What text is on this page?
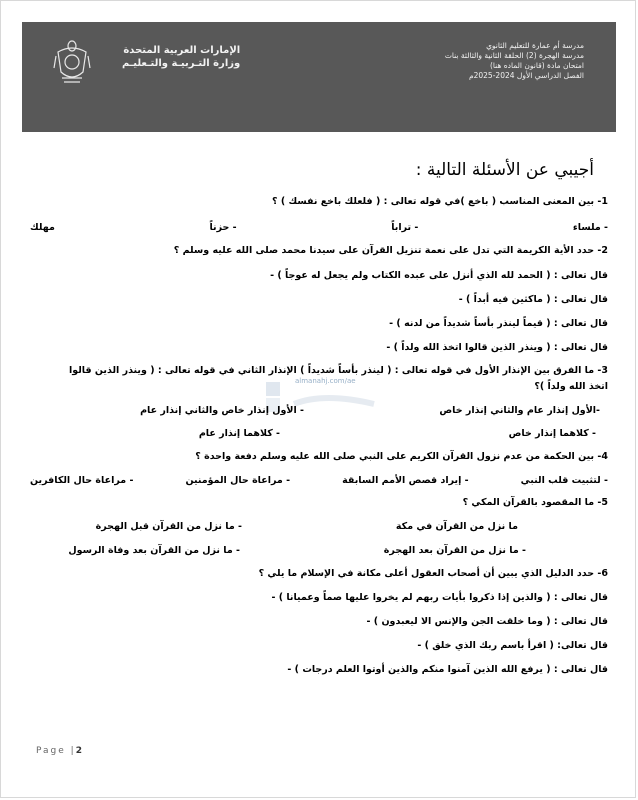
مدرسة أم عمارة للتعليم الثانوي
مدرسة الهجرة (2) الحلقة الثانية والثالثة بنات
امتحان مادة (قانون الماده هنا)
الفصل الدراسي الأول 2024-2025م
الإمارات العربية المتحدة
وزارة التـربيـة والتـعليـم
أجيبي عن الأسئلة التالية :
1- بين المعنى المناسب ( باخع )في قوله تعالى : ( فلعلك باخع نفسك ) ؟
مهلك	- حزناً	- تراباً	- ملساء
2- حدد الأية الكريمة التي تدل على نعمة تنزيل القرآن على سيدنا محمد صلى الله عليه وسلم ؟
قال تعالى : ( الحمد لله الذي أنزل على عبده الكتاب ولم يجعل له عوجاً ) -
قال تعالى : ( ماكثين فيه أبداً ) -
قال تعالى : ( قيماً لينذر بأساً شديداً من لدنه ) -
قال تعالى : ( وينذر الذين قالوا اتخذ الله ولداً ) -
almanahj.com/ae
3- ما الفرق بين الإنذار الأول في قوله تعالى : ( لينذر بأساً شديداً ) الإنذار الثاني في قوله تعالى : ( وينذر الذين قالوا
اتخذ الله ولداً )؟
-الأول إنذار عام والثاني إنذار خاص
- الأول إنذار خاص والثاني إنذار عام
- كلاهما إنذار خاص
- كلاهما إنذار عام
4- بين الحكمة من عدم نزول القرآن الكريم على النبي صلى الله عليه وسلم دفعة واحدة ؟
- مراعاة حال الكافرين	- مراعاة حال المؤمنين	- إيراد قصص الأمم السابقة	- لتثبيت قلب النبي
5- ما المقصود بالقرآن المكي ؟
ما نزل من القرآن في مكة
- ما نزل من القرآن قبل الهجرة
- ما نزل من القرآن بعد الهجرة
- ما نزل من القرآن بعد وفاة الرسول
6- حدد الدليل الذي يبين أن أصحاب العقول أعلى مكانة في الإسلام ما يلي ؟
قال تعالى : ( والذين إذا ذكروا بأيات ربهم لم يخروا عليها صماً وعميانا ) -
قال تعالى : ( وما خلقت الجن والإنس الا ليعبدون ) -
قال تعالى: ( اقرأ باسم ربك الذي خلق ) -
قال تعالى : ( يرفع الله الذين آمنوا منكم والذين أوتوا العلم درجات ) -
Page |2
